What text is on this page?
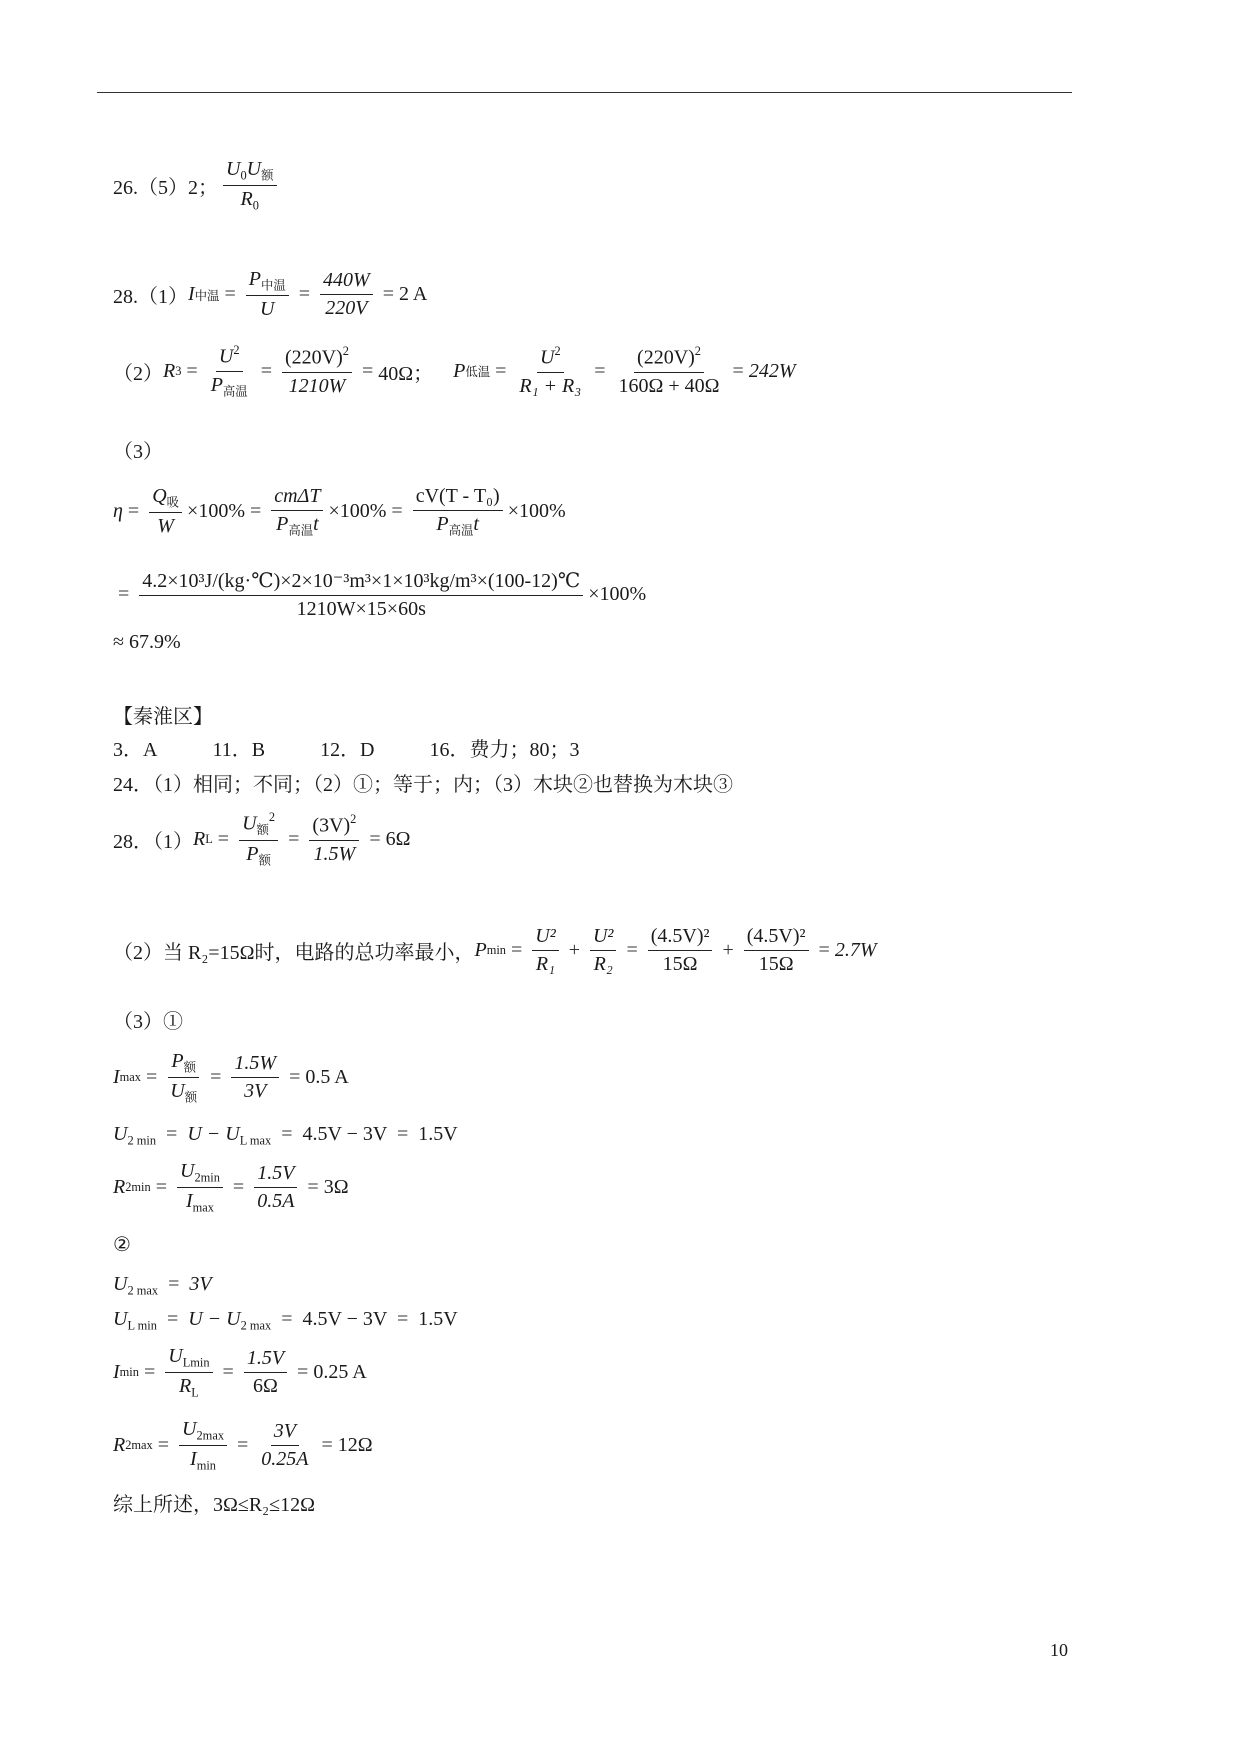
26.（5）2； $\frac{U_0U_额}{R_0}$
28.（1） I 中温 = $\frac{P_{中温}}{U} = \frac{440W}{220V} = 2$ A
（2） R $3 = \frac{U^2}{P_{高温}} = \frac{(220V)^2}{1210W} = 40\Omega$； P 低温 = $\frac{U^2}{\text{R₁ + R₃}} = \frac{(220V)^2}{160\Omega + 40\Omega} = 242W$
（3）
$\eta = \frac{Q_吸}{W} \times 100\% = \frac{\text{cmΔT}}{P_{高温}t} \times 100\% = \frac{\text{cV(T - T₀)}}{P_{高温}t} \times 100\%$
= $\frac{\text{4.2×10³J/(kg·℃)×2×10⁻³m³×1×10³kg/m³×(100-12)℃}}{1210W\times 15\times 60s} \times 100\%$
≈ 67.9%
【秦淮区】
3．A	11．B	12．D	16．费力；80；3
24．（1）相同；不同；（2）①；等于；内；（3）木块②也替换为木块③
28．（1） R $L = \frac{U_额^2}{P_额} = \frac{(3V)^2}{1.5W} = 6\Omega$
（2）当 R₂=15Ω时，电路的总功率最小， P $\min = \frac{\text{U²}}{\text{R₁}} + \frac{\text{U²}}{\text{R₂}} = \frac{\text{(4.5V)²}}{15\Omega} + \frac{\text{(4.5V)²}}{15\Omega} = 2.7W$
（3）①
I $\max = \frac{P_额}{U_额} = \frac{1.5W}{3V} = 0.5$ A
$U_{2 min} = U - U_{L max} = 4.5V - 3V = 1.5V$
R $2\min = \frac{U_{2min}}{I_{max}} = \frac{1.5V}{0.5A} = 3\Omega$
②
$U_{2 max} = 3V$
$U_{L min} = U - U_{2 max} = 4.5V - 3V = 1.5V$
I $\min = \frac{U_{Lmin}}{R_L} = \frac{1.5V}{6\Omega} = 0.25$ A
R $2\max = \frac{U_{2max}}{I_{min}} = \frac{3V}{0.25A} = 12\Omega$
综上所述，3Ω≤R₂≤12Ω
10
